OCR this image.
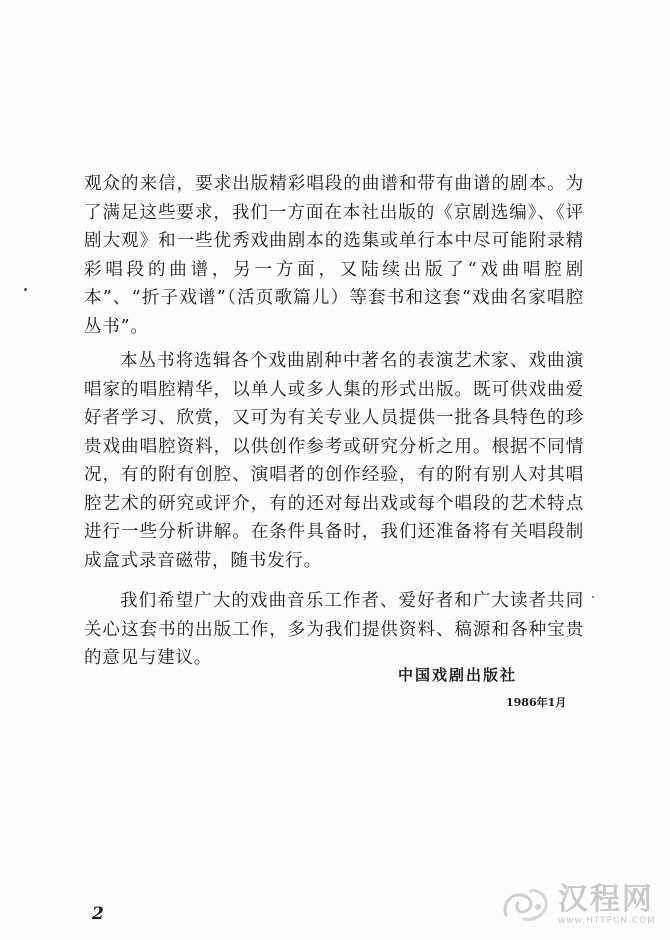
观众的来信，要求出版精彩唱段的曲谱和带有曲谱的剧本。为了满足这些要求，我们一方面在本社出版的《京剧选编》、《评剧大观》和一些优秀戏曲剧本的选集或单行本中尽可能附录精彩唱段的曲谱，另一方面，又陆续出版了“戏曲唱腔剧本”、“折子戏谱”（活页歌篇儿）等套书和这套“戏曲名家唱腔丛书”。

本丛书将选辑各个戏曲剧种中著名的表演艺术家、戏曲演唱家的唱腔精华，以单人或多人集的形式出版。既可供戏曲爱好者学习、欣赏，又可为有关专业人员提供一批各具特色的珍贵戏曲唱腔资料，以供创作参考或研究分析之用。根据不同情况，有的附有创腔、演唱者的创作经验，有的附有别人对其唱腔艺术的研究或评介，有的还对每出戏或每个唱段的艺术特点进行一些分析讲解。在条件具备时，我们还准备将有关唱段制成盒式录音磁带，随书发行。

我们希望广大的戏曲音乐工作者、爱好者和广大读者共同关心这套书的出版工作，多为我们提供资料、稿源和各种宝贵的意见与建议。

中国戏剧出版社
1986年1月
2	汉程网
www.HTTPCN.COM
